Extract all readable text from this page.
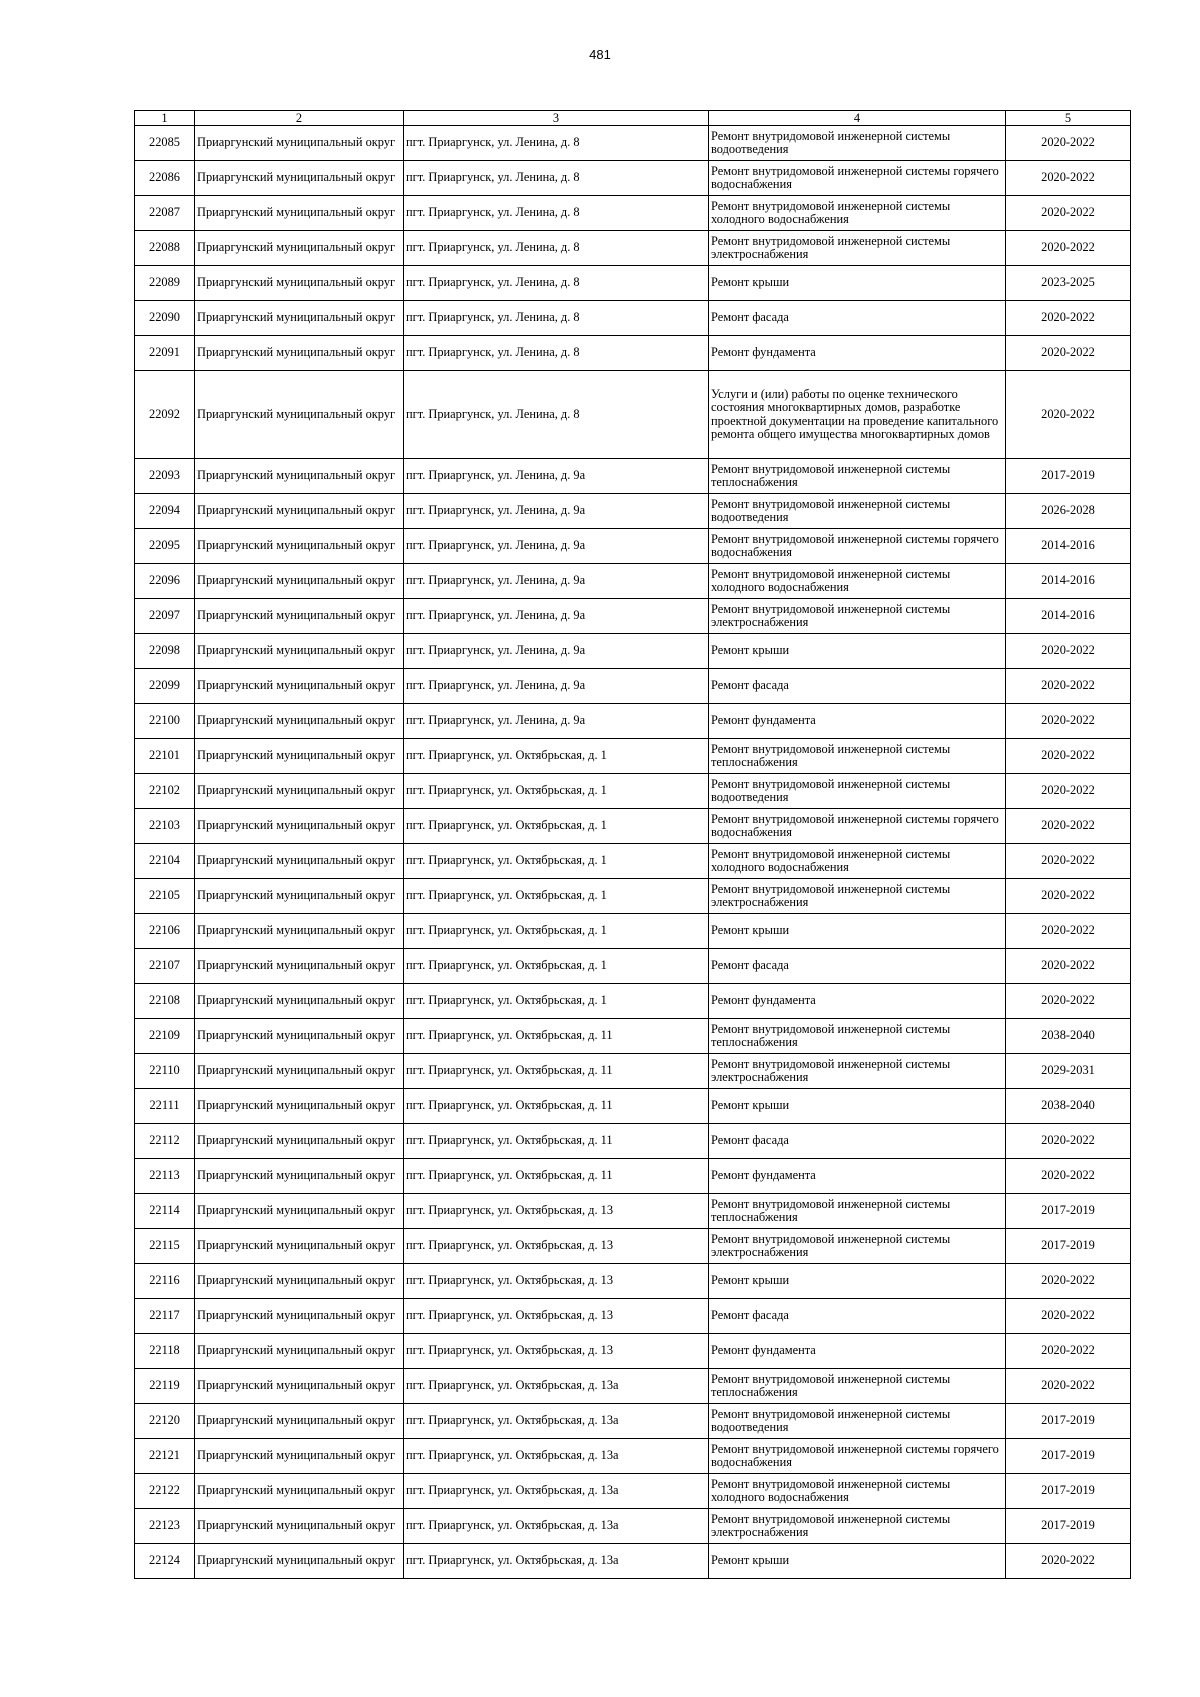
481
1	2	3	4	5
22085	Приаргунский муниципальный округ	пгт. Приаргунск, ул. Ленина, д. 8	Ремонт внутридомовой инженерной системы водоотведения	2020-2022
22086	Приаргунский муниципальный округ	пгт. Приаргунск, ул. Ленина, д. 8	Ремонт внутридомовой инженерной системы горячего водоснабжения	2020-2022
22087	Приаргунский муниципальный округ	пгт. Приаргунск, ул. Ленина, д. 8	Ремонт внутридомовой инженерной системы холодного водоснабжения	2020-2022
22088	Приаргунский муниципальный округ	пгт. Приаргунск, ул. Ленина, д. 8	Ремонт внутридомовой инженерной системы электроснабжения	2020-2022
22089	Приаргунский муниципальный округ	пгт. Приаргунск, ул. Ленина, д. 8	Ремонт крыши	2023-2025
22090	Приаргунский муниципальный округ	пгт. Приаргунск, ул. Ленина, д. 8	Ремонт фасада	2020-2022
22091	Приаргунский муниципальный округ	пгт. Приаргунск, ул. Ленина, д. 8	Ремонт фундамента	2020-2022
22092	Приаргунский муниципальный округ	пгт. Приаргунск, ул. Ленина, д. 8	Услуги и (или) работы по оценке технического состояния многоквартирных домов, разработке проектной документации на проведение капитального ремонта общего имущества многоквартирных домов	2020-2022
22093	Приаргунский муниципальный округ	пгт. Приаргунск, ул. Ленина, д. 9а	Ремонт внутридомовой инженерной системы теплоснабжения	2017-2019
22094	Приаргунский муниципальный округ	пгт. Приаргунск, ул. Ленина, д. 9а	Ремонт внутридомовой инженерной системы водоотведения	2026-2028
22095	Приаргунский муниципальный округ	пгт. Приаргунск, ул. Ленина, д. 9а	Ремонт внутридомовой инженерной системы горячего водоснабжения	2014-2016
22096	Приаргунский муниципальный округ	пгт. Приаргунск, ул. Ленина, д. 9а	Ремонт внутридомовой инженерной системы холодного водоснабжения	2014-2016
22097	Приаргунский муниципальный округ	пгт. Приаргунск, ул. Ленина, д. 9а	Ремонт внутридомовой инженерной системы электроснабжения	2014-2016
22098	Приаргунский муниципальный округ	пгт. Приаргунск, ул. Ленина, д. 9а	Ремонт крыши	2020-2022
22099	Приаргунский муниципальный округ	пгт. Приаргунск, ул. Ленина, д. 9а	Ремонт фасада	2020-2022
22100	Приаргунский муниципальный округ	пгт. Приаргунск, ул. Ленина, д. 9а	Ремонт фундамента	2020-2022
22101	Приаргунский муниципальный округ	пгт. Приаргунск, ул. Октябрьская, д. 1	Ремонт внутридомовой инженерной системы теплоснабжения	2020-2022
22102	Приаргунский муниципальный округ	пгт. Приаргунск, ул. Октябрьская, д. 1	Ремонт внутридомовой инженерной системы водоотведения	2020-2022
22103	Приаргунский муниципальный округ	пгт. Приаргунск, ул. Октябрьская, д. 1	Ремонт внутридомовой инженерной системы горячего водоснабжения	2020-2022
22104	Приаргунский муниципальный округ	пгт. Приаргунск, ул. Октябрьская, д. 1	Ремонт внутридомовой инженерной системы холодного водоснабжения	2020-2022
22105	Приаргунский муниципальный округ	пгт. Приаргунск, ул. Октябрьская, д. 1	Ремонт внутридомовой инженерной системы электроснабжения	2020-2022
22106	Приаргунский муниципальный округ	пгт. Приаргунск, ул. Октябрьская, д. 1	Ремонт крыши	2020-2022
22107	Приаргунский муниципальный округ	пгт. Приаргунск, ул. Октябрьская, д. 1	Ремонт фасада	2020-2022
22108	Приаргунский муниципальный округ	пгт. Приаргунск, ул. Октябрьская, д. 1	Ремонт фундамента	2020-2022
22109	Приаргунский муниципальный округ	пгт. Приаргунск, ул. Октябрьская, д. 11	Ремонт внутридомовой инженерной системы теплоснабжения	2038-2040
22110	Приаргунский муниципальный округ	пгт. Приаргунск, ул. Октябрьская, д. 11	Ремонт внутридомовой инженерной системы электроснабжения	2029-2031
22111	Приаргунский муниципальный округ	пгт. Приаргунск, ул. Октябрьская, д. 11	Ремонт крыши	2038-2040
22112	Приаргунский муниципальный округ	пгт. Приаргунск, ул. Октябрьская, д. 11	Ремонт фасада	2020-2022
22113	Приаргунский муниципальный округ	пгт. Приаргунск, ул. Октябрьская, д. 11	Ремонт фундамента	2020-2022
22114	Приаргунский муниципальный округ	пгт. Приаргунск, ул. Октябрьская, д. 13	Ремонт внутридомовой инженерной системы теплоснабжения	2017-2019
22115	Приаргунский муниципальный округ	пгт. Приаргунск, ул. Октябрьская, д. 13	Ремонт внутридомовой инженерной системы электроснабжения	2017-2019
22116	Приаргунский муниципальный округ	пгт. Приаргунск, ул. Октябрьская, д. 13	Ремонт крыши	2020-2022
22117	Приаргунский муниципальный округ	пгт. Приаргунск, ул. Октябрьская, д. 13	Ремонт фасада	2020-2022
22118	Приаргунский муниципальный округ	пгт. Приаргунск, ул. Октябрьская, д. 13	Ремонт фундамента	2020-2022
22119	Приаргунский муниципальный округ	пгт. Приаргунск, ул. Октябрьская, д. 13а	Ремонт внутридомовой инженерной системы теплоснабжения	2020-2022
22120	Приаргунский муниципальный округ	пгт. Приаргунск, ул. Октябрьская, д. 13а	Ремонт внутридомовой инженерной системы водоотведения	2017-2019
22121	Приаргунский муниципальный округ	пгт. Приаргунск, ул. Октябрьская, д. 13а	Ремонт внутридомовой инженерной системы горячего водоснабжения	2017-2019
22122	Приаргунский муниципальный округ	пгт. Приаргунск, ул. Октябрьская, д. 13а	Ремонт внутридомовой инженерной системы холодного водоснабжения	2017-2019
22123	Приаргунский муниципальный округ	пгт. Приаргунск, ул. Октябрьская, д. 13а	Ремонт внутридомовой инженерной системы электроснабжения	2017-2019
22124	Приаргунский муниципальный округ	пгт. Приаргунск, ул. Октябрьская, д. 13а	Ремонт крыши	2020-2022
